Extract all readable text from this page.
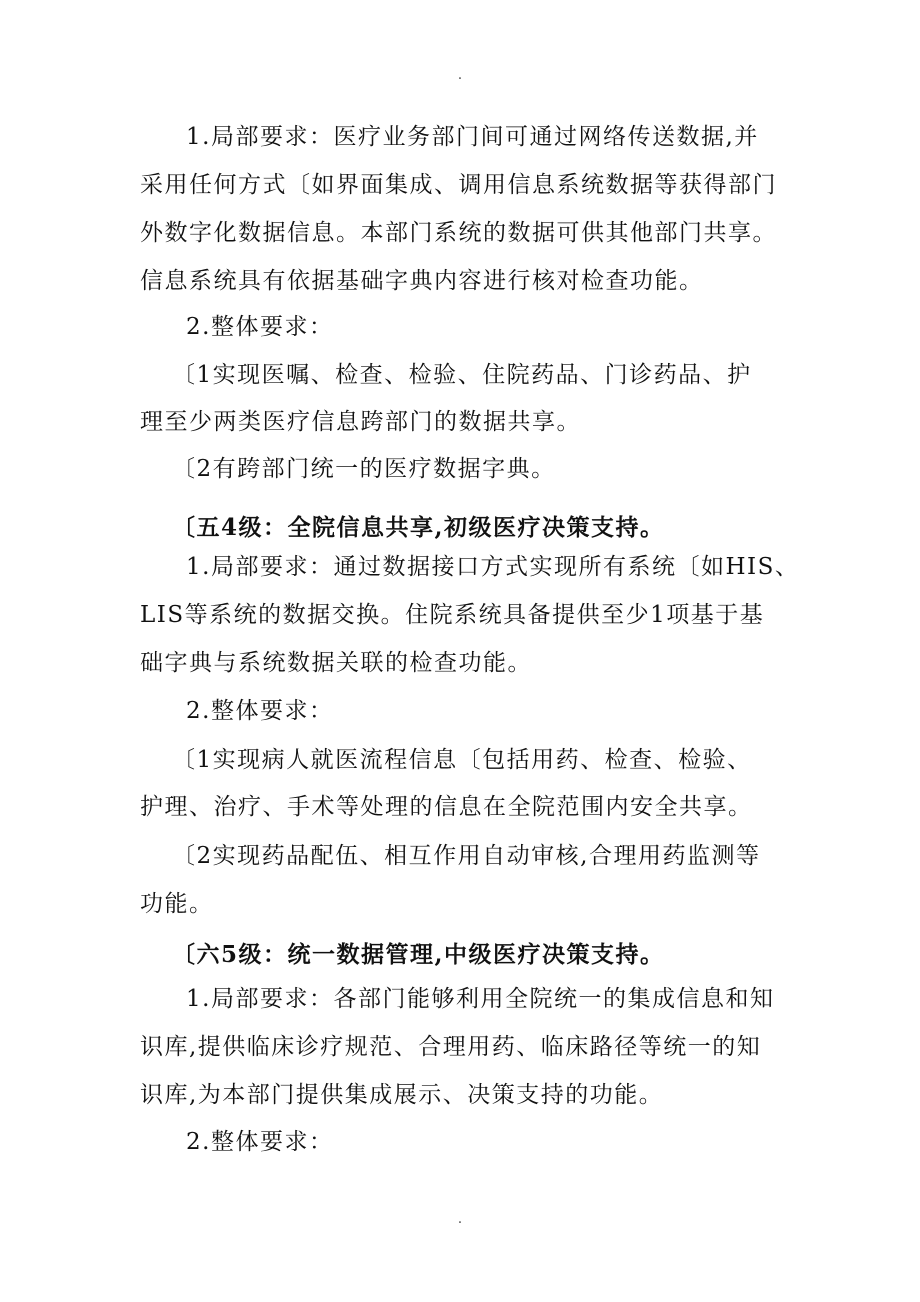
.
1.局部要求：医疗业务部门间可通过网络传送数据,并
采用任何方式〔如界面集成、调用信息系统数据等获得部门
外数字化数据信息。本部门系统的数据可供其他部门共享。
信息系统具有依据基础字典内容进行核对检查功能。
2.整体要求：
〔1实现医嘱、检查、检验、住院药品、门诊药品、护
理至少两类医疗信息跨部门的数据共享。
〔2有跨部门统一的医疗数据字典。
〔五4级：全院信息共享,初级医疗决策支持。
1.局部要求：通过数据接口方式实现所有系统〔如HIS、
LIS等系统的数据交换。住院系统具备提供至少1项基于基
础字典与系统数据关联的检查功能。
2.整体要求：
〔1实现病人就医流程信息〔包括用药、检查、检验、
护理、治疗、手术等处理的信息在全院范围内安全共享。
〔2实现药品配伍、相互作用自动审核,合理用药监测等
功能。
〔六5级：统一数据管理,中级医疗决策支持。
1.局部要求：各部门能够利用全院统一的集成信息和知
识库,提供临床诊疗规范、合理用药、临床路径等统一的知
识库,为本部门提供集成展示、决策支持的功能。
2.整体要求：
.
